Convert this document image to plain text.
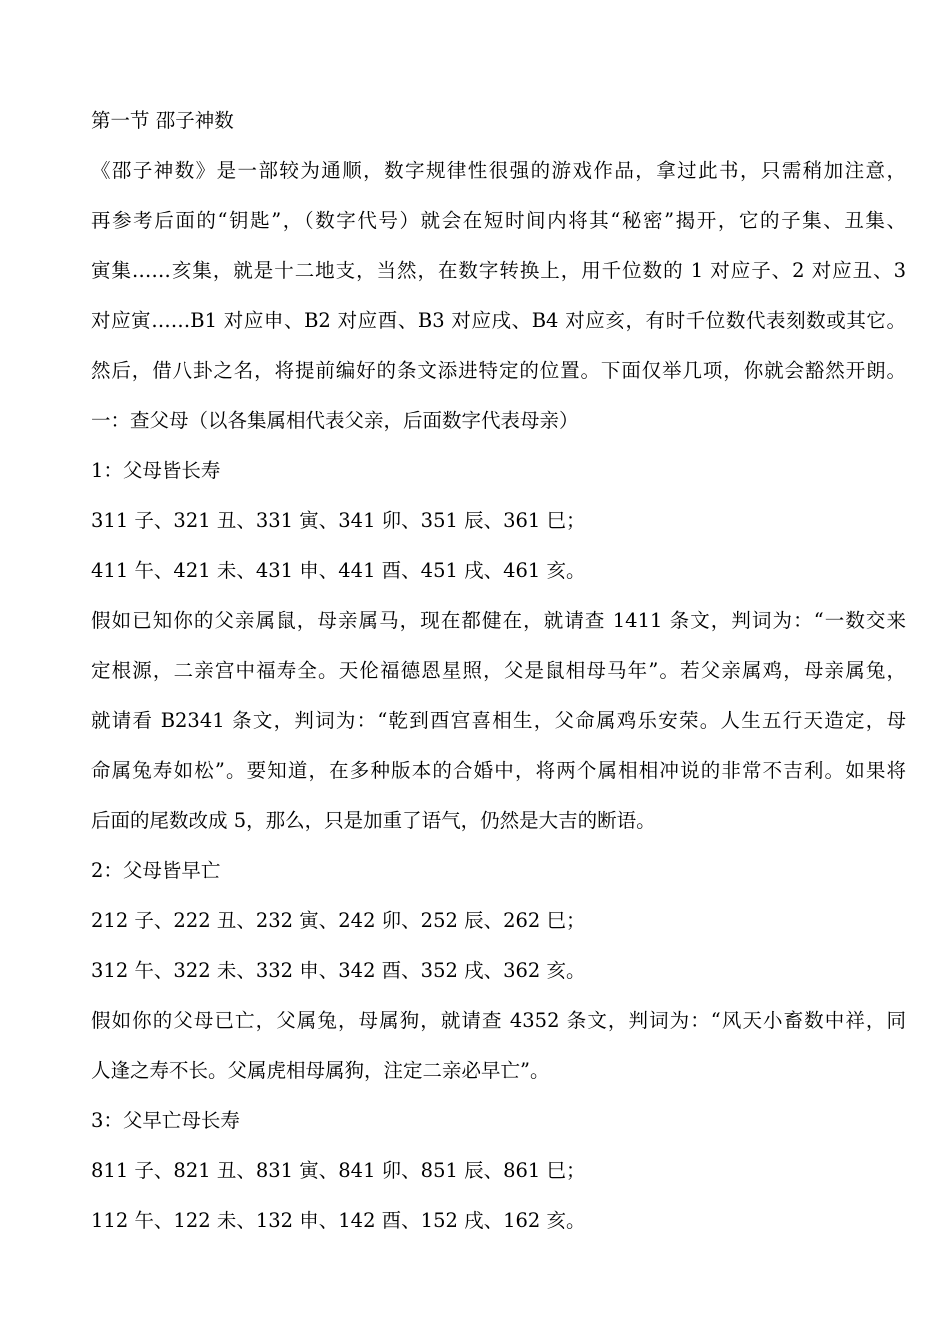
第一节 邵子神数

《邵子神数》是一部较为通顺，数字规律性很强的游戏作品，拿过此书，只需稍加注意，

再参考后面的“钥匙”，（数字代号）就会在短时间内将其“秘密”揭开，它的子集、丑集、

寅集……亥集，就是十二地支，当然，在数字转换上，用千位数的 1 对应子、2 对应丑、3

对应寅……B1 对应申、B2 对应酉、B3 对应戌、B4 对应亥，有时千位数代表刻数或其它。

然后，借八卦之名，将提前编好的条文添进特定的位置。下面仅举几项，你就会豁然开朗。

一：查父母（以各集属相代表父亲，后面数字代表母亲）

1：父母皆长寿

311 子、321 丑、331 寅、341 卯、351 辰、361 巳；

411 午、421 未、431 申、441 酉、451 戌、461 亥。

假如已知你的父亲属鼠，母亲属马，现在都健在，就请查 1411 条文，判词为：“一数交来

定根源，二亲宫中福寿全。天伦福德恩星照，父是鼠相母马年”。若父亲属鸡，母亲属兔，

就请看 B2341 条文，判词为：“乾到酉宫喜相生，父命属鸡乐安荣。人生五行天造定，母

命属兔寿如松”。要知道，在多种版本的合婚中，将两个属相相冲说的非常不吉利。如果将

后面的尾数改成 5，那么，只是加重了语气，仍然是大吉的断语。

2：父母皆早亡

212 子、222 丑、232 寅、242 卯、252 辰、262 巳；

312 午、322 未、332 申、342 酉、352 戌、362 亥。

假如你的父母已亡，父属兔，母属狗，就请查 4352 条文，判词为：“风天小畜数中祥，同

人逢之寿不长。父属虎相母属狗，注定二亲必早亡”。

3：父早亡母长寿

811 子、821 丑、831 寅、841 卯、851 辰、861 巳；

112 午、122 未、132 申、142 酉、152 戌、162 亥。
